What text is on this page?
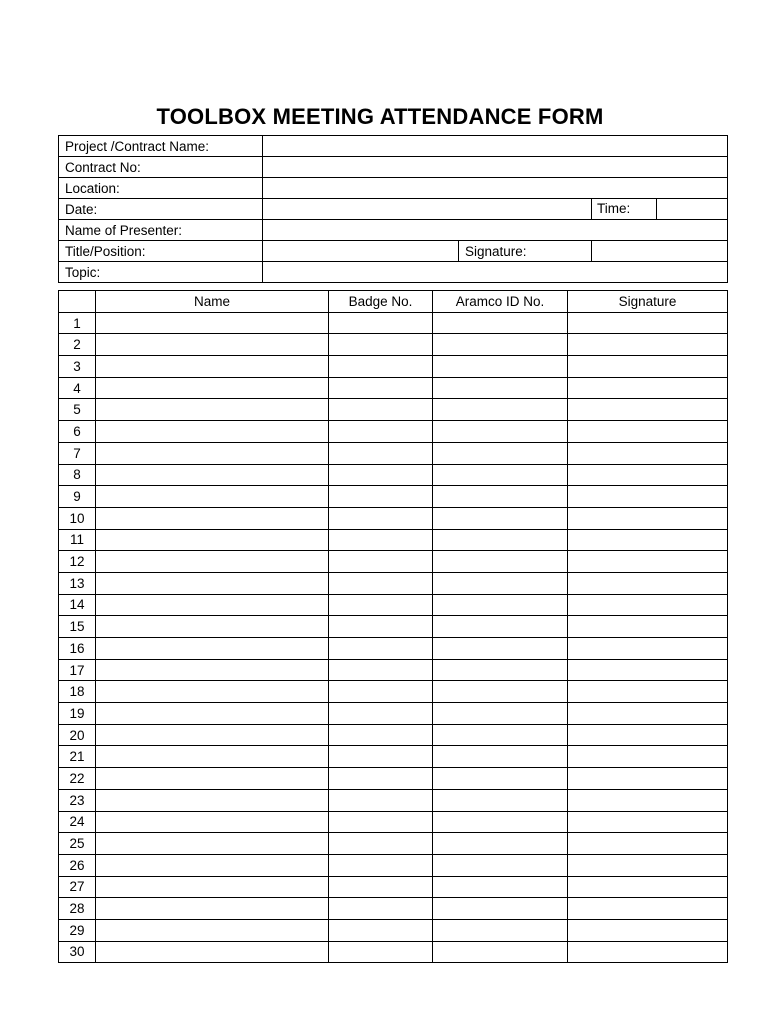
TOOLBOX MEETING ATTENDANCE FORM
Project /Contract Name:			
Contract No:			
Location:			
Date:			Time:

Name of Presenter:			
Title/Position:		Signature:	
Topic:			
	Name	Badge No.	Aramco ID No.	Signature
1				
2				
3				
4				
5				
6				
7				
8				
9				
10				
11				
12				
13				
14				
15				
16				
17				
18				
19				
20				
21				
22				
23				
24				
25				
26				
27				
28				
29				
30				
